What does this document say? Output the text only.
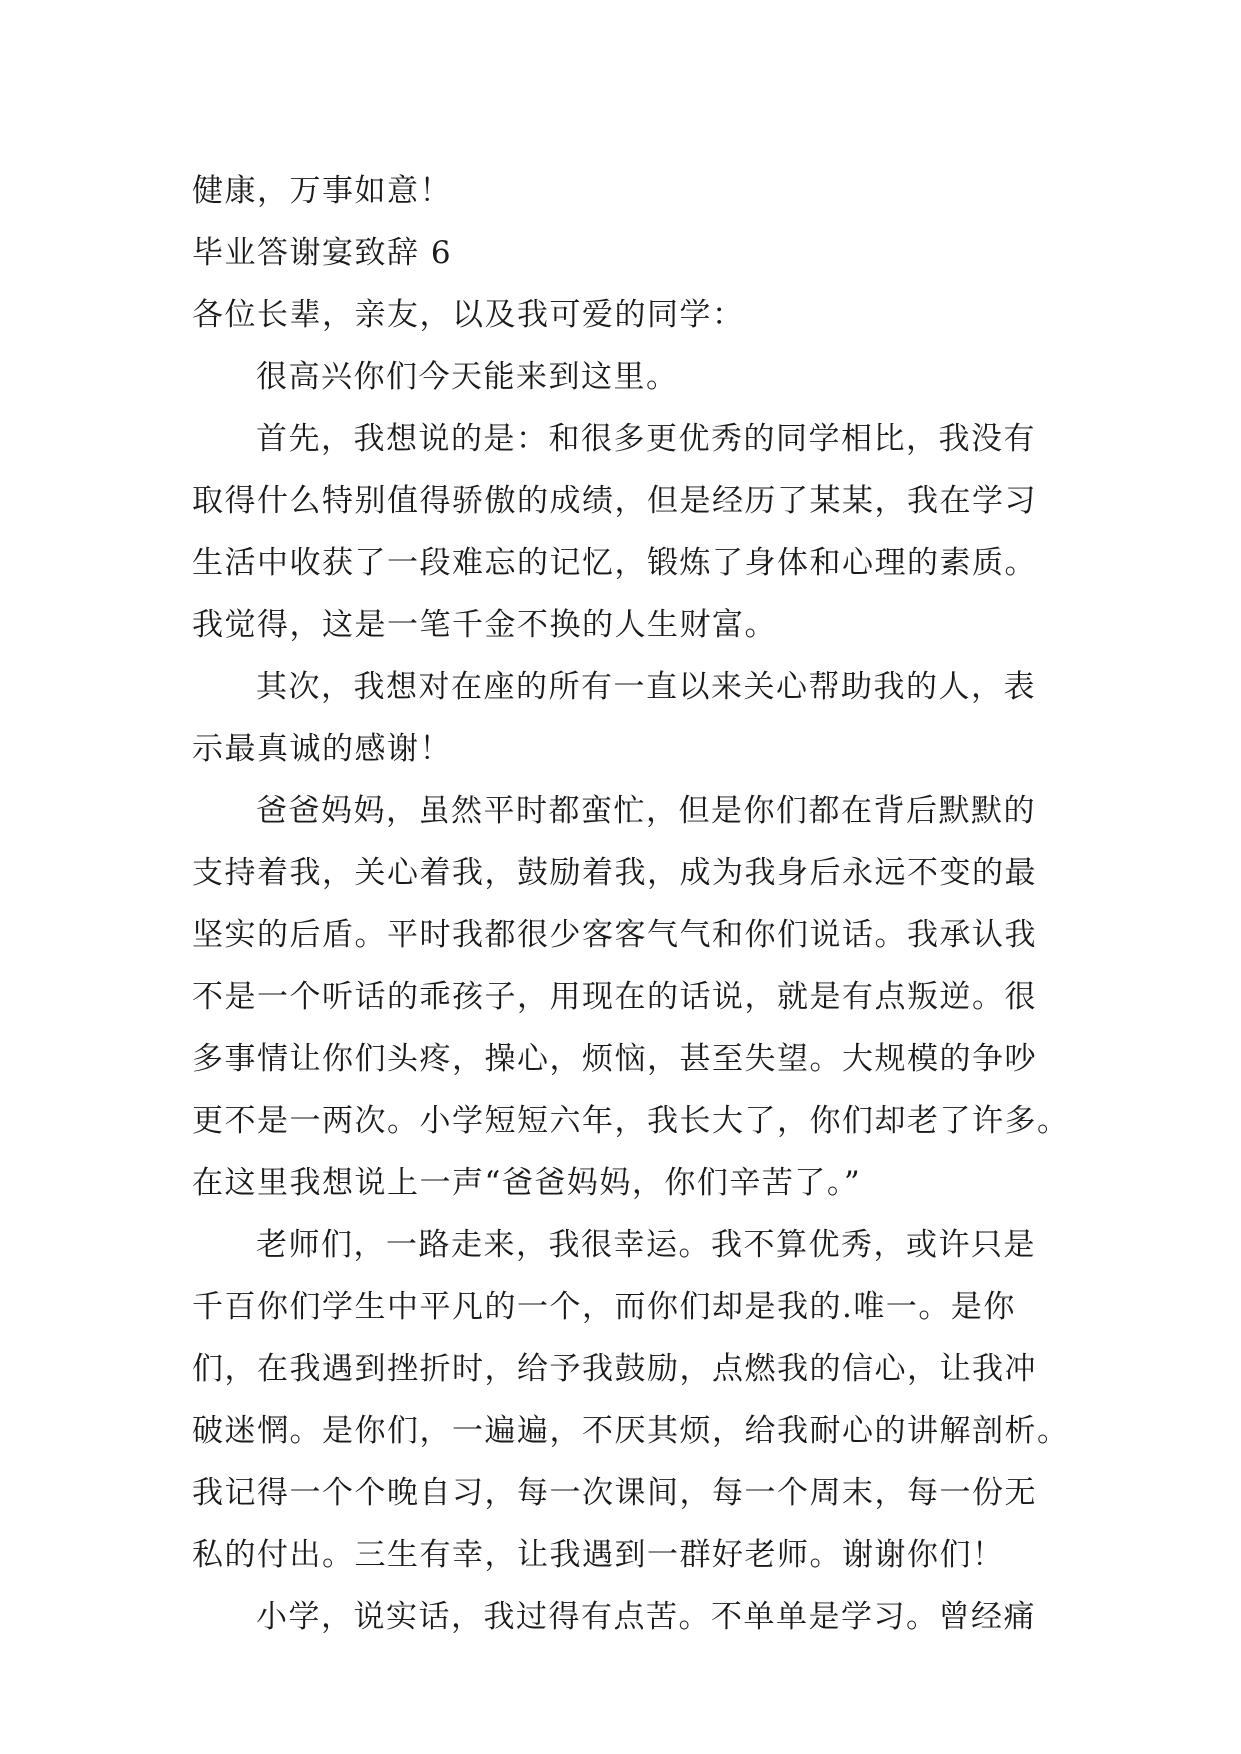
健康，万事如意！
毕业答谢宴致辞 6
各位长辈，亲友，以及我可爱的同学：
很高兴你们今天能来到这里。
首先，我想说的是：和很多更优秀的同学相比，我没有
取得什么特别值得骄傲的成绩，但是经历了某某，我在学习
生活中收获了一段难忘的记忆，锻炼了身体和心理的素质。
我觉得，这是一笔千金不换的人生财富。
其次，我想对在座的所有一直以来关心帮助我的人，表
示最真诚的感谢！
爸爸妈妈，虽然平时都蛮忙，但是你们都在背后默默的
支持着我，关心着我，鼓励着我，成为我身后永远不变的最
坚实的后盾。平时我都很少客客气气和你们说话。我承认我
不是一个听话的乖孩子，用现在的话说，就是有点叛逆。很
多事情让你们头疼，操心，烦恼，甚至失望。大规模的争吵
更不是一两次。小学短短六年，我长大了，你们却老了许多。
在这里我想说上一声“爸爸妈妈，你们辛苦了。”
老师们，一路走来，我很幸运。我不算优秀，或许只是
千百你们学生中平凡的一个，而你们却是我的.唯一。是你
们，在我遇到挫折时，给予我鼓励，点燃我的信心，让我冲
破迷惘。是你们，一遍遍，不厌其烦，给我耐心的讲解剖析。
我记得一个个晚自习，每一次课间，每一个周末，每一份无
私的付出。三生有幸，让我遇到一群好老师。谢谢你们！
小学，说实话，我过得有点苦。不单单是学习。曾经痛
